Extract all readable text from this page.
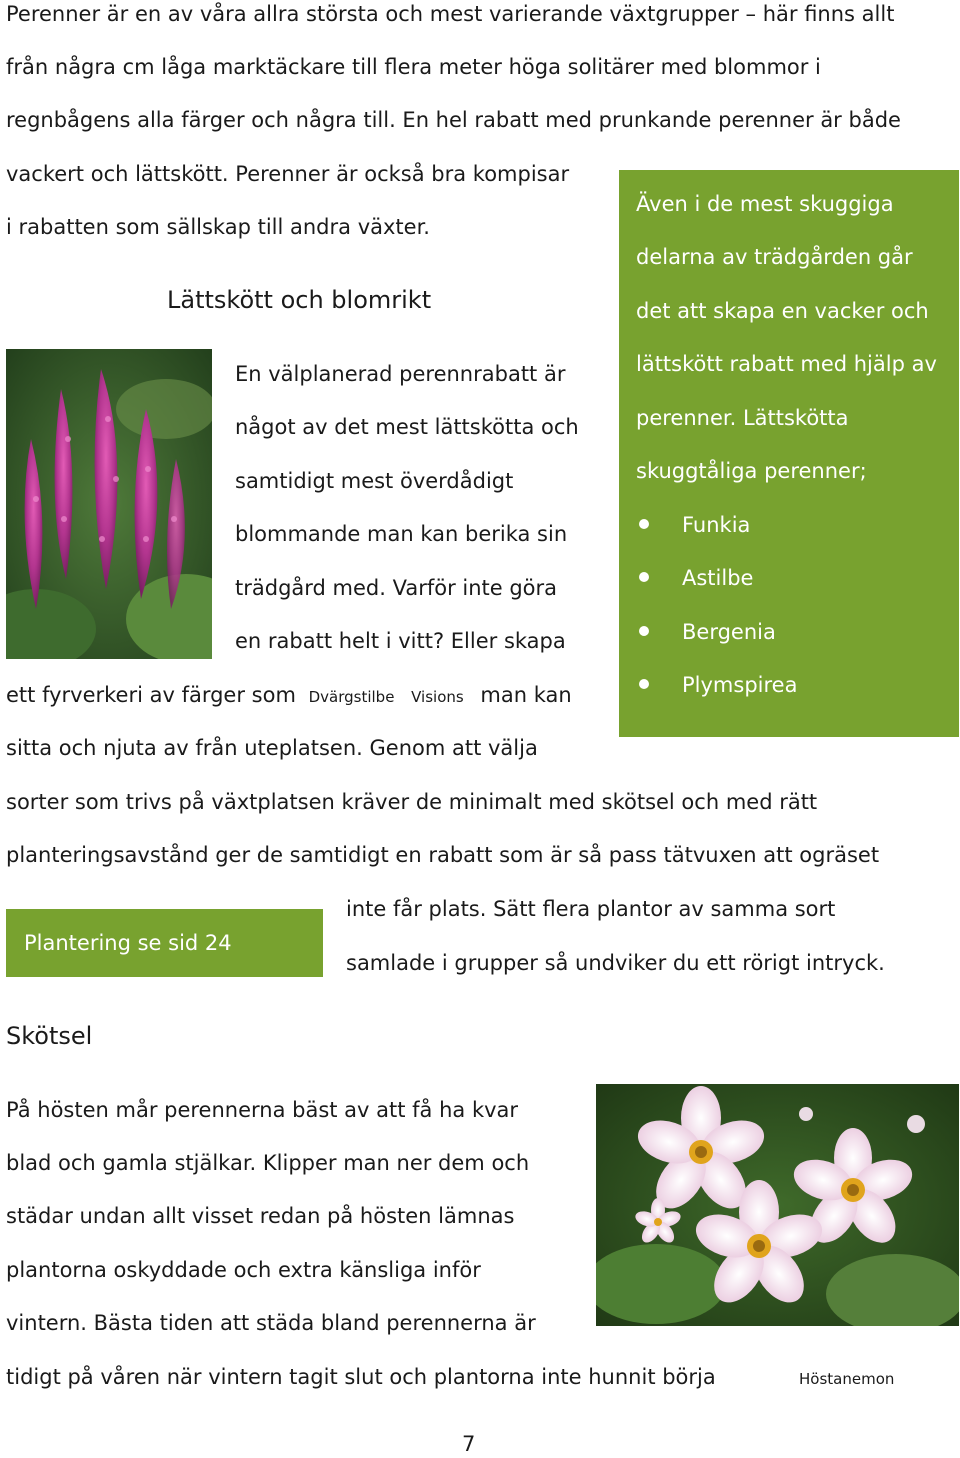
Perenner är en av våra allra största och mest varierande växtgrupper – här finns allt

från några cm låga marktäckare till flera meter höga solitärer med blommor i

regnbågens alla färger och några till. En hel rabatt med prunkande perenner är både

vackert och lättskött. Perenner är också bra kompisar

i rabatten som sällskap till andra växter.

Även i de mest skuggiga

delarna av trädgården går

det att skapa en vacker och

lättskött rabatt med hjälp av

perenner. Lättskötta

skuggtåliga perenner;

Funkia
Astilbe
Bergenia
Plymspirea
Lättskött och blomrikt

En välplanerad perennrabatt är

något av det mest lättskötta och

samtidigt mest överdådigt

blommande man kan berika sin

trädgård med. Varför inte göra

en rabatt helt i vitt? Eller skapa

ett fyrverkeri av färger som Dvärgstilbe Visions man kan

sitta och njuta av från uteplatsen. Genom att välja

sorter som trivs på växtplatsen kräver de minimalt med skötsel och med rätt

planteringsavstånd ger de samtidigt en rabatt som är så pass tätvuxen att ogräset

inte får plats. Sätt flera plantor av samma sort

samlade i grupper så undviker du ett rörigt intryck.

Plantering se sid 24
Skötsel

På hösten mår perennerna bäst av att få ha kvar

blad och gamla stjälkar. Klipper man ner dem och

städar undan allt visset redan på hösten lämnas

plantorna oskyddade och extra känsliga inför

vintern. Bästa tiden att städa bland perennerna är

tidigt på våren när vintern tagit slut och plantorna inte hunnit börja	Höstanemon
7
